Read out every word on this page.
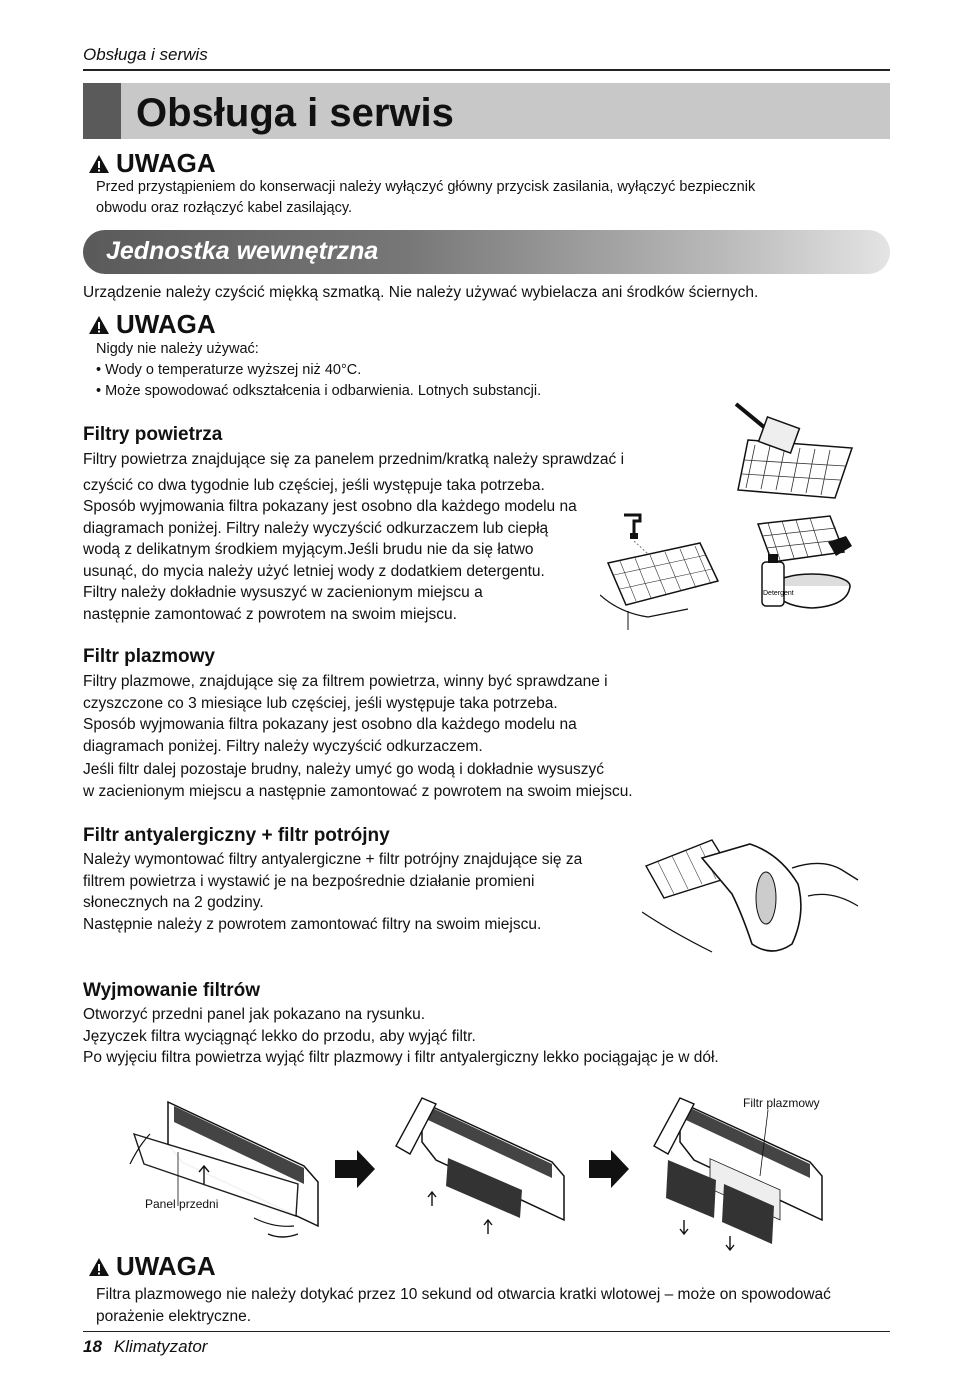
Obsługa i serwis
Obsługa i serwis
UWAGA
Przed przystąpieniem do konserwacji należy wyłączyć główny przycisk zasilania, wyłączyć bezpiecznik
obwodu oraz rozłączyć kabel zasilający.
Jednostka wewnętrzna
Urządzenie należy czyścić miękką szmatką. Nie należy używać wybielacza ani środków ściernych.
UWAGA
Nigdy nie należy używać:
• Wody o temperaturze wyższej niż 40°C.
• Może spowodować odkształcenia i odbarwienia. Lotnych substancji.
Filtry powietrza
Filtry powietrza znajdujące się za panelem przednim/kratką należy sprawdzać i
czyścić co dwa tygodnie lub częściej, jeśli występuje taka potrzeba.
Sposób wyjmowania filtra pokazany jest osobno dla każdego modelu na
diagramach poniżej. Filtry należy wyczyścić odkurzaczem lub ciepłą
wodą z delikatnym środkiem myjącym.Jeśli brudu nie da się łatwo
usunąć, do mycia należy użyć letniej wody z dodatkiem detergentu.
Filtry należy dokładnie wysuszyć w zacienionym miejscu a
następnie zamontować z powrotem na swoim miejscu.
Detergent
Filtr plazmowy
Filtry plazmowe, znajdujące się za filtrem powietrza, winny być sprawdzane i
czyszczone co 3 miesiące lub częściej, jeśli występuje taka potrzeba.
Sposób wyjmowania filtra pokazany jest osobno dla każdego modelu na
diagramach poniżej. Filtry należy wyczyścić odkurzaczem.
Jeśli filtr dalej pozostaje brudny, należy umyć go wodą i dokładnie wysuszyć
w zacienionym miejscu a następnie zamontować z powrotem na swoim miejscu.
Filtr antyalergiczny + filtr potrójny
Należy wymontować filtry antyalergiczne + filtr potrójny znajdujące się za
filtrem powietrza i wystawić je na bezpośrednie działanie promieni
słonecznych na 2 godziny.
Następnie należy z powrotem zamontować filtry na swoim miejscu.
Wyjmowanie filtrów
Otworzyć przedni panel jak pokazano na rysunku.
Języczek filtra wyciągnąć lekko do przodu, aby wyjąć filtr.
Po wyjęciu filtra powietrza wyjąć filtr plazmowy i filtr antyalergiczny lekko pociągając je w dół.
Panel przedni
Filtr plazmowy
UWAGA
Filtra plazmowego nie należy dotykać przez 10 sekund od otwarcia kratki wlotowej – może on spowodować
porażenie elektryczne.
18 Klimatyzator
